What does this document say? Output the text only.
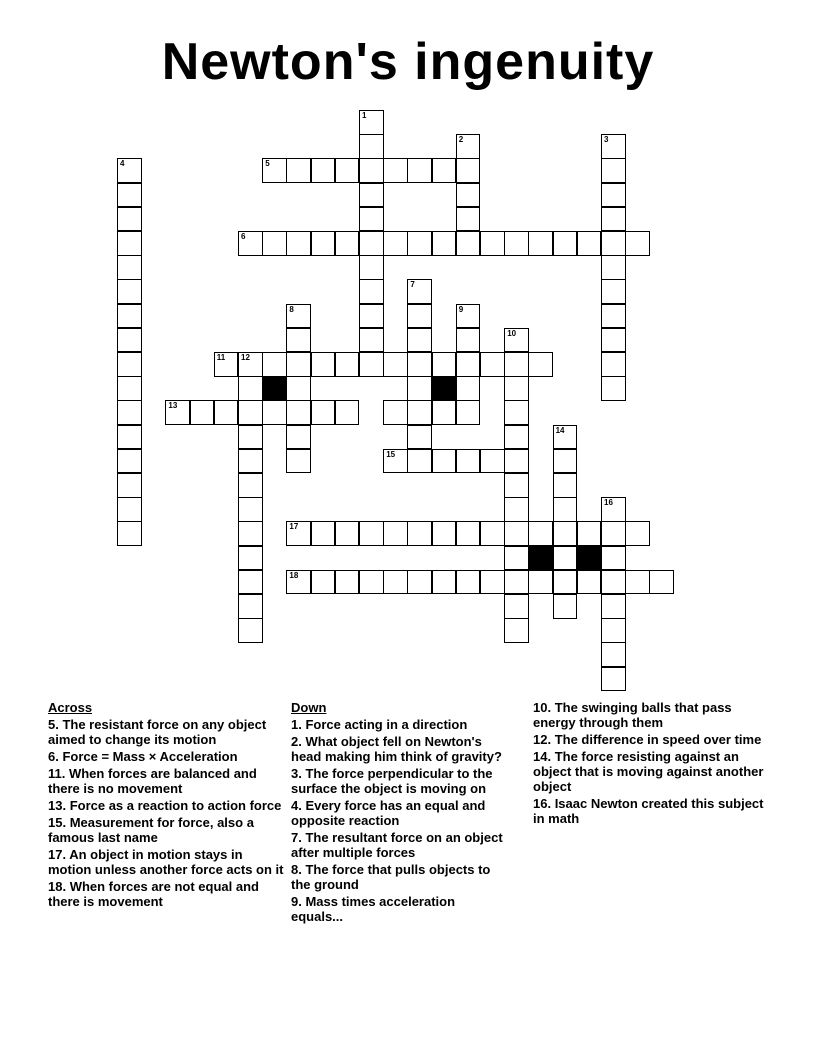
Newton's ingenuity
1
2	3
4	5
6
7
8	9
10
11 12
13
14
15
16
17
18
Across
5. The resistant force on any object aimed to change its motion
6. Force = Mass × Acceleration
11. When forces are balanced and there is no movement
13. Force as a reaction to action force
15. Measurement for force, also a famous last name
17. An object in motion stays in motion unless another force acts on it
18. When forces are not equal and there is movement
Down
1. Force acting in a direction
2. What object fell on Newton's head making him think of gravity?
3. The force perpendicular to the surface the object is moving on
4. Every force has an equal and opposite reaction
7. The resultant force on an object after multiple forces
8. The force that pulls objects to the ground
9. Mass times acceleration equals...
10. The swinging balls that pass energy through them
12. The difference in speed over time
14. The force resisting against an object that is moving against another object
16. Isaac Newton created this subject in math
